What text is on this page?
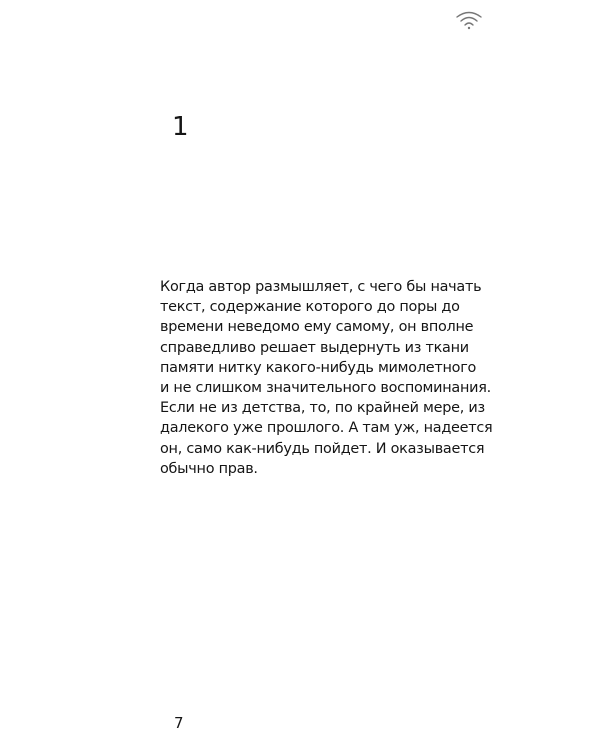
1

Когда автор размышляет, с чего бы начать
текст, содержание которого до поры до
времени неведомо ему самому, он вполне
справедливо решает выдернуть из ткани
памяти нитку какого-нибудь мимолетного
и не слишком значительного воспоминания.
Если не из детства, то, по крайней мере, из
далекого уже прошлого. А там уж, надеется
он, само как-нибудь пойдет. И оказывается
обычно прав.

7
